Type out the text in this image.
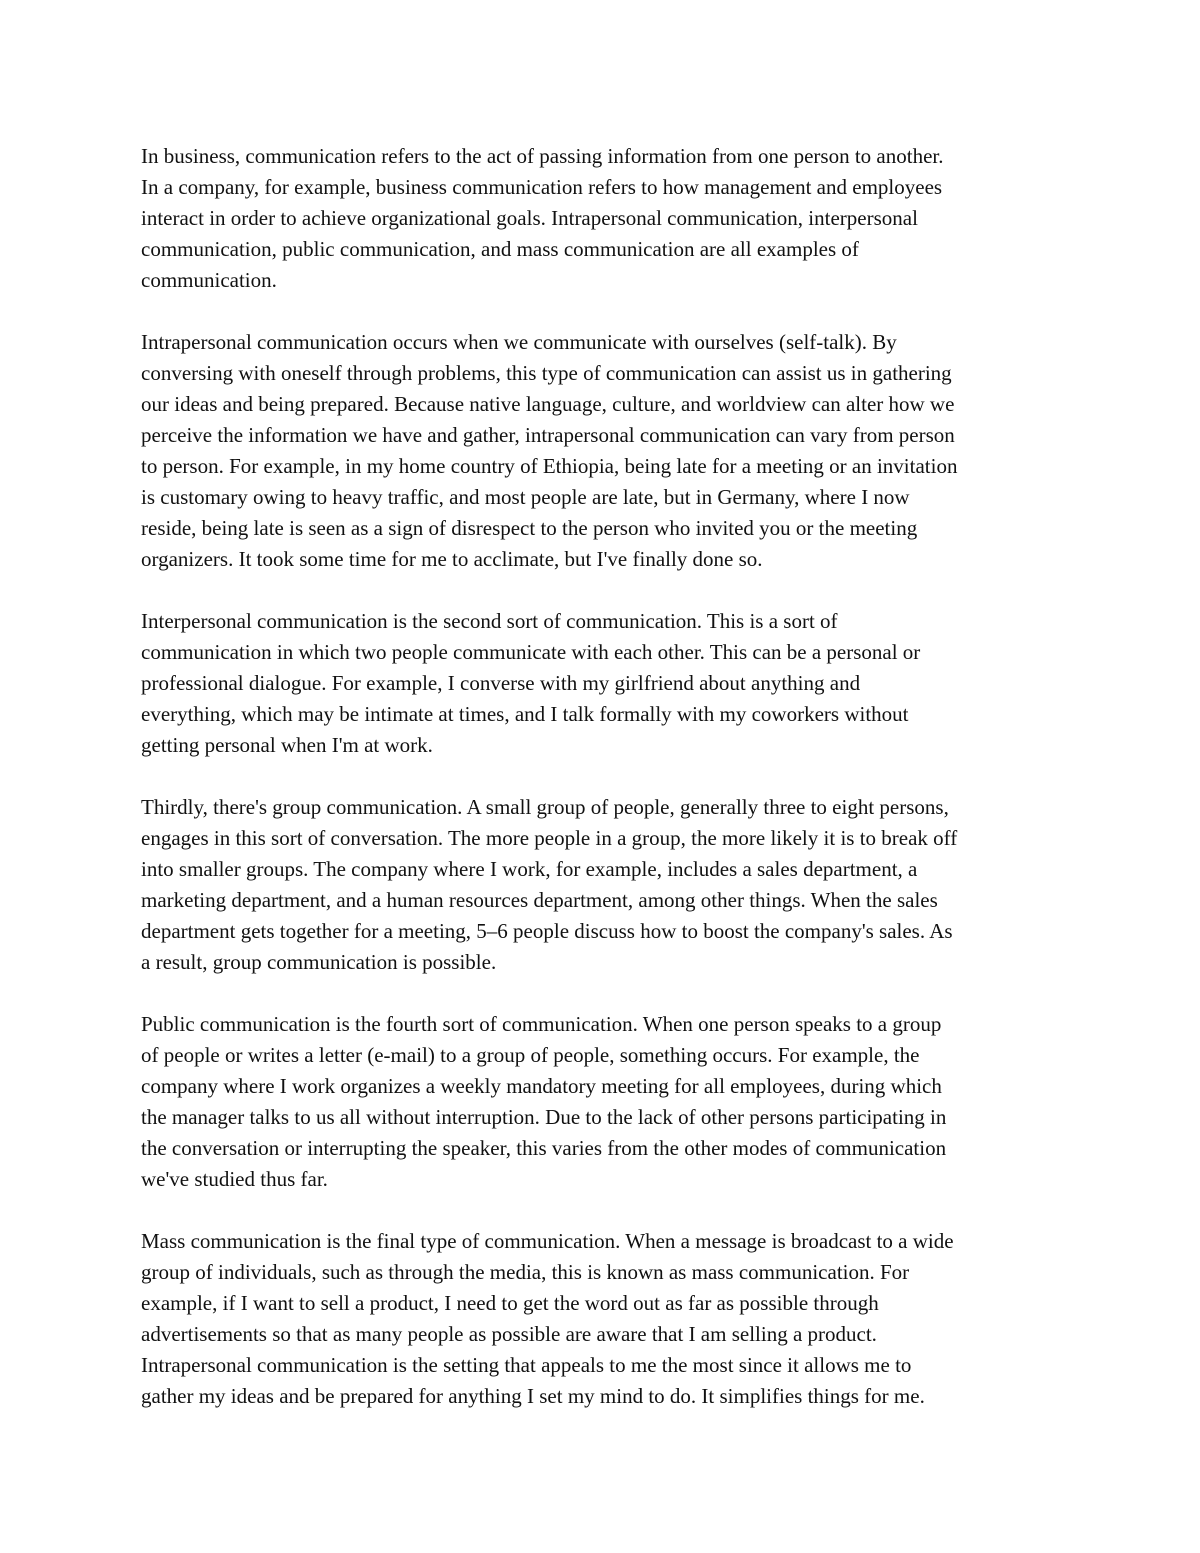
In business, communication refers to the act of passing information from one person to another.
In a company, for example, business communication refers to how management and employees
interact in order to achieve organizational goals. Intrapersonal communication, interpersonal
communication, public communication, and mass communication are all examples of
communication.

Intrapersonal communication occurs when we communicate with ourselves (self-talk). By
conversing with oneself through problems, this type of communication can assist us in gathering
our ideas and being prepared. Because native language, culture, and worldview can alter how we
perceive the information we have and gather, intrapersonal communication can vary from person
to person. For example, in my home country of Ethiopia, being late for a meeting or an invitation
is customary owing to heavy traffic, and most people are late, but in Germany, where I now
reside, being late is seen as a sign of disrespect to the person who invited you or the meeting
organizers. It took some time for me to acclimate, but I've finally done so.

Interpersonal communication is the second sort of communication. This is a sort of
communication in which two people communicate with each other. This can be a personal or
professional dialogue. For example, I converse with my girlfriend about anything and
everything, which may be intimate at times, and I talk formally with my coworkers without
getting personal when I'm at work.

Thirdly, there's group communication. A small group of people, generally three to eight persons,
engages in this sort of conversation. The more people in a group, the more likely it is to break off
into smaller groups. The company where I work, for example, includes a sales department, a
marketing department, and a human resources department, among other things. When the sales
department gets together for a meeting, 5–6 people discuss how to boost the company's sales. As
a result, group communication is possible.

Public communication is the fourth sort of communication. When one person speaks to a group
of people or writes a letter (e-mail) to a group of people, something occurs. For example, the
company where I work organizes a weekly mandatory meeting for all employees, during which
the manager talks to us all without interruption. Due to the lack of other persons participating in
the conversation or interrupting the speaker, this varies from the other modes of communication
we've studied thus far.

Mass communication is the final type of communication. When a message is broadcast to a wide
group of individuals, such as through the media, this is known as mass communication. For
example, if I want to sell a product, I need to get the word out as far as possible through
advertisements so that as many people as possible are aware that I am selling a product.
Intrapersonal communication is the setting that appeals to me the most since it allows me to
gather my ideas and be prepared for anything I set my mind to do. It simplifies things for me.
